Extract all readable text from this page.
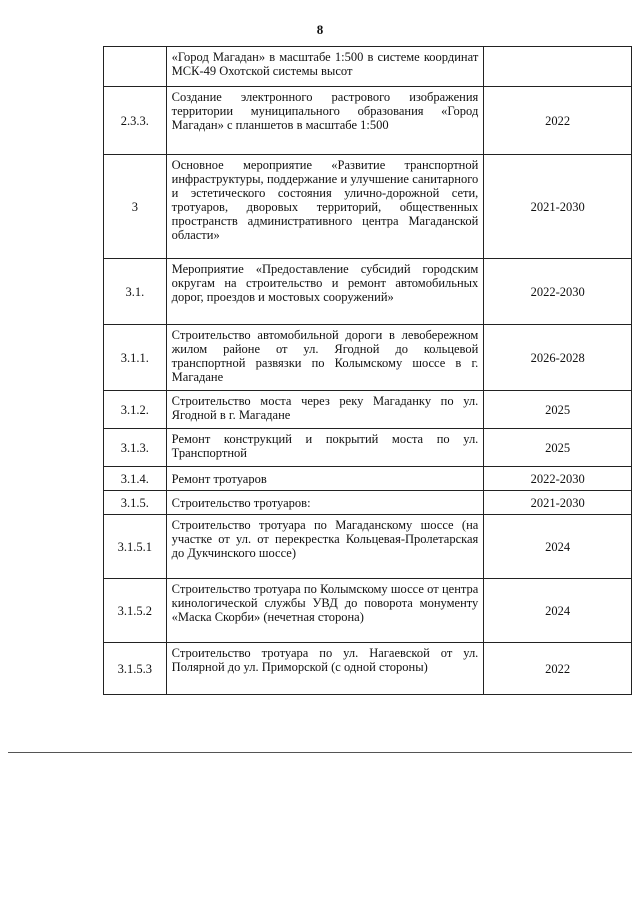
8
	«Город Магадан» в масштабе 1:500 в системе координат МСК-49 Охотской системы высот	
2.3.3.	Создание электронного растрового изображения территории муниципального образования «Город Магадан» с планшетов в масштабе 1:500	2022
3	Основное мероприятие «Развитие транспортной инфраструктуры, поддержание и улучшение санитарного и эстетического состояния улично-дорожной сети, тротуаров, дворовых территорий, общественных пространств административного центра Магаданской области»	2021-2030
3.1.	Мероприятие «Предоставление субсидий городским округам на строительство и ремонт автомобильных дорог, проездов и мостовых сооружений»	2022-2030
3.1.1.	Строительство автомобильной дороги в левобережном жилом районе от ул. Ягодной до кольцевой транспортной развязки по Колымскому шоссе в г. Магадане	2026-2028
3.1.2.	Строительство моста через реку Магаданку по ул. Ягодной в г. Магадане	2025
3.1.3.	Ремонт конструкций и покрытий моста по ул. Транспортной	2025
3.1.4.	Ремонт тротуаров	2022-2030
3.1.5.	Строительство тротуаров:	2021-2030
3.1.5.1	Строительство тротуара по Магаданскому шоссе (на участке от ул. от перекрестка Кольцевая-Пролетарская до Дукчинского шоссе)	2024
3.1.5.2	Строительство тротуара по Колымскому шоссе от центра кинологической службы УВД до поворота монументу «Маска Скорби» (нечетная сторона)	2024
3.1.5.3	Строительство тротуара по ул. Нагаевской от ул. Полярной до ул. Приморской (с одной стороны)	2022
